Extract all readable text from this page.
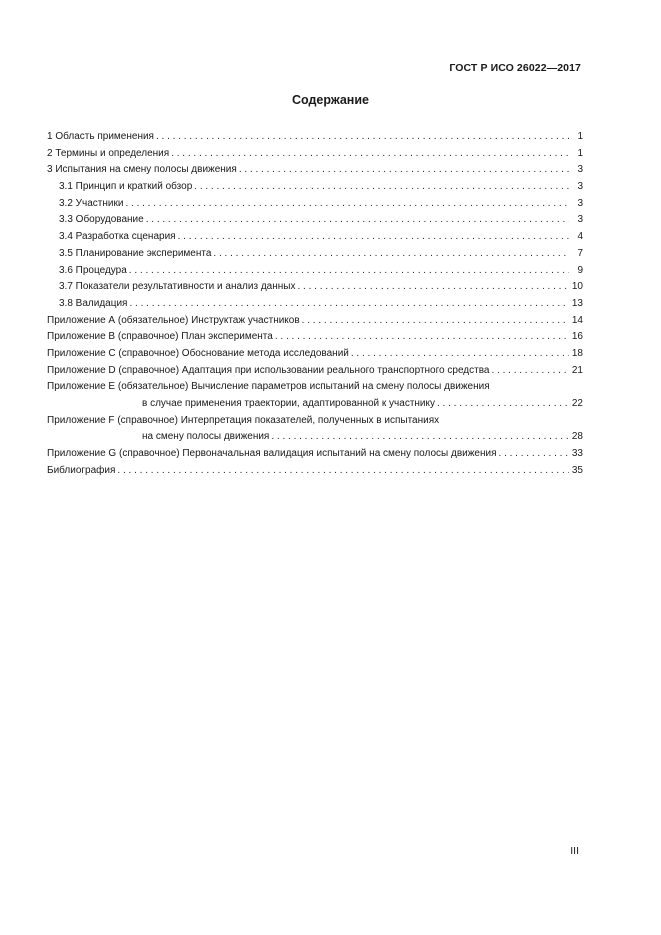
ГОСТ Р ИСО 26022—2017
Содержание
1 Область применения . . .	1
2 Термины и определения . . .	1
3 Испытания на смену полосы движения . . .	3
3.1 Принцип и краткий обзор . . .	3
3.2 Участники . . .	3
3.3 Оборудование . . .	3
3.4 Разработка сценария . . .	4
3.5 Планирование эксперимента . . .	7
3.6 Процедура . . .	9
3.7 Показатели результативности и анализ данных . . .	10
3.8 Валидация . . .	13
Приложение А (обязательное) Инструктаж участников . . .	14
Приложение В (справочное) План эксперимента . . .	16
Приложение С (справочное) Обоснование метода исследований . . .	18
Приложение D (справочное) Адаптация при использовании реального транспортного средства . . .	21
Приложение Е (обязательное) Вычисление параметров испытаний на смену полосы движения
в случае применения траектории, адаптированной к участнику . . .	22
Приложение F (справочное) Интерпретация показателей, полученных в испытаниях
на смену полосы движения . . .	28
Приложение G (справочное) Первоначальная валидация испытаний на смену полосы движения . . .	33
Библиография . . .	35
III
